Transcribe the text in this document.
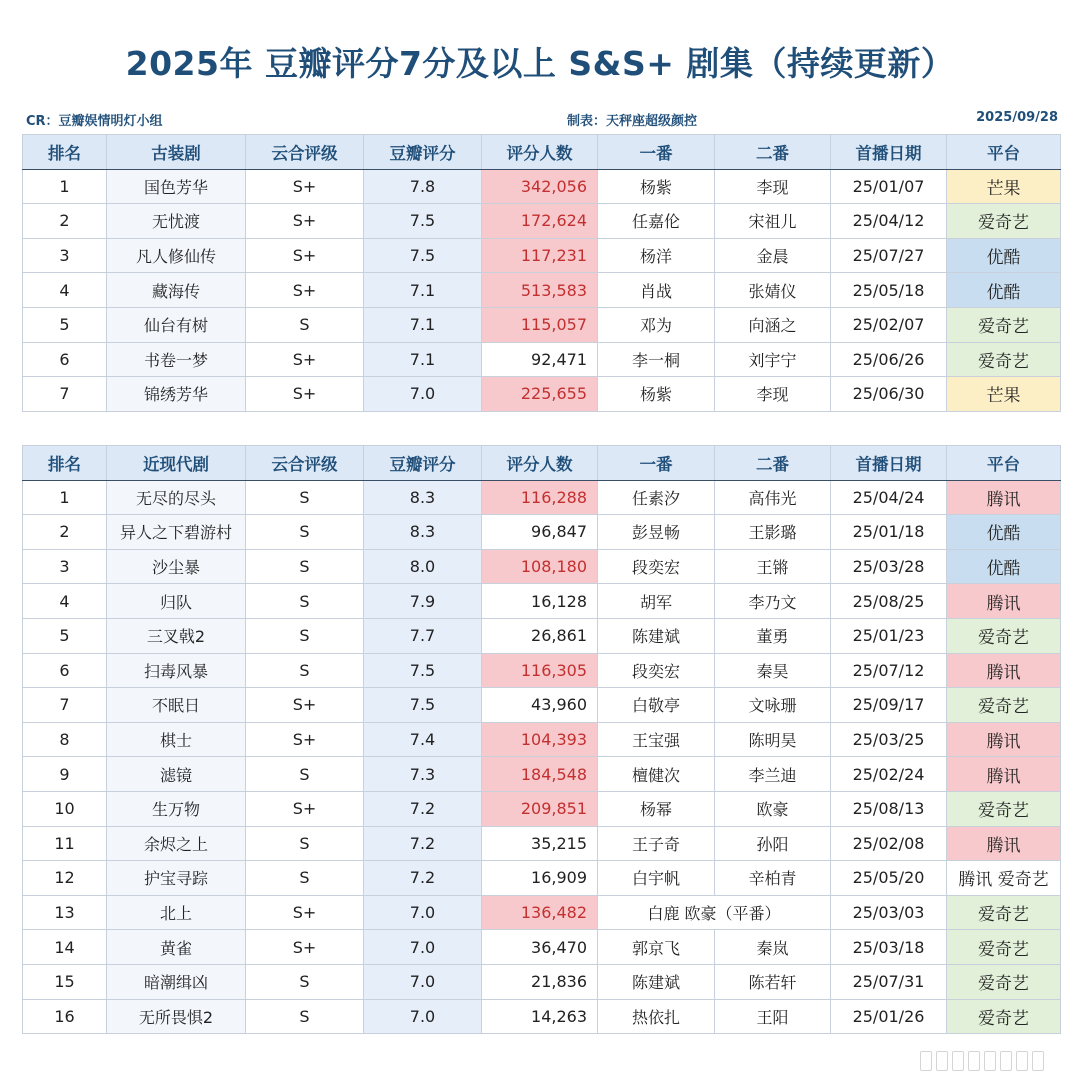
2025年 豆瓣评分7分及以上 S&S+ 剧集（持续更新）
CR：豆瓣娱情明灯小组	制表：天秤座超级颜控	2025/09/28
排名	古装剧	云合评级	豆瓣评分	评分人数	一番	二番	首播日期	平台
1	国色芳华	S+	7.8	342,056	杨紫	李现	25/01/07	芒果
2	无忧渡	S+	7.5	172,624	任嘉伦	宋祖儿	25/04/12	爱奇艺
3	凡人修仙传	S+	7.5	117,231	杨洋	金晨	25/07/27	优酷
4	藏海传	S+	7.1	513,583	肖战	张婧仪	25/05/18	优酷
5	仙台有树	S	7.1	115,057	邓为	向涵之	25/02/07	爱奇艺
6	书卷一梦	S+	7.1	92,471	李一桐	刘宇宁	25/06/26	爱奇艺
7	锦绣芳华	S+	7.0	225,655	杨紫	李现	25/06/30	芒果
排名	近现代剧	云合评级	豆瓣评分	评分人数	一番	二番	首播日期	平台
1	无尽的尽头	S	8.3	116,288	任素汐	高伟光	25/04/24	腾讯
2	异人之下碧游村	S	8.3	96,847	彭昱畅	王影璐	25/01/18	优酷
3	沙尘暴	S	8.0	108,180	段奕宏	王锵	25/03/28	优酷
4	归队	S	7.9	16,128	胡军	李乃文	25/08/25	腾讯
5	三叉戟2	S	7.7	26,861	陈建斌	董勇	25/01/23	爱奇艺
6	扫毒风暴	S	7.5	116,305	段奕宏	秦昊	25/07/12	腾讯
7	不眠日	S+	7.5	43,960	白敬亭	文咏珊	25/09/17	爱奇艺
8	棋士	S+	7.4	104,393	王宝强	陈明昊	25/03/25	腾讯
9	滤镜	S	7.3	184,548	檀健次	李兰迪	25/02/24	腾讯
10	生万物	S+	7.2	209,851	杨幂	欧豪	25/08/13	爱奇艺
11	余烬之上	S	7.2	35,215	王子奇	孙阳	25/02/08	腾讯
12	护宝寻踪	S	7.2	16,909	白宇帆	辛柏青	25/05/20	腾讯 爱奇艺
13	北上	S+	7.0	136,482	白鹿 欧豪（平番）		25/03/03	爱奇艺
14	黄雀	S+	7.0	36,470	郭京飞	秦岚	25/03/18	爱奇艺
15	暗潮缉凶	S	7.0	21,836	陈建斌	陈若轩	25/07/31	爱奇艺
16	无所畏惧2	S	7.0	14,263	热依扎	王阳	25/01/26	爱奇艺
